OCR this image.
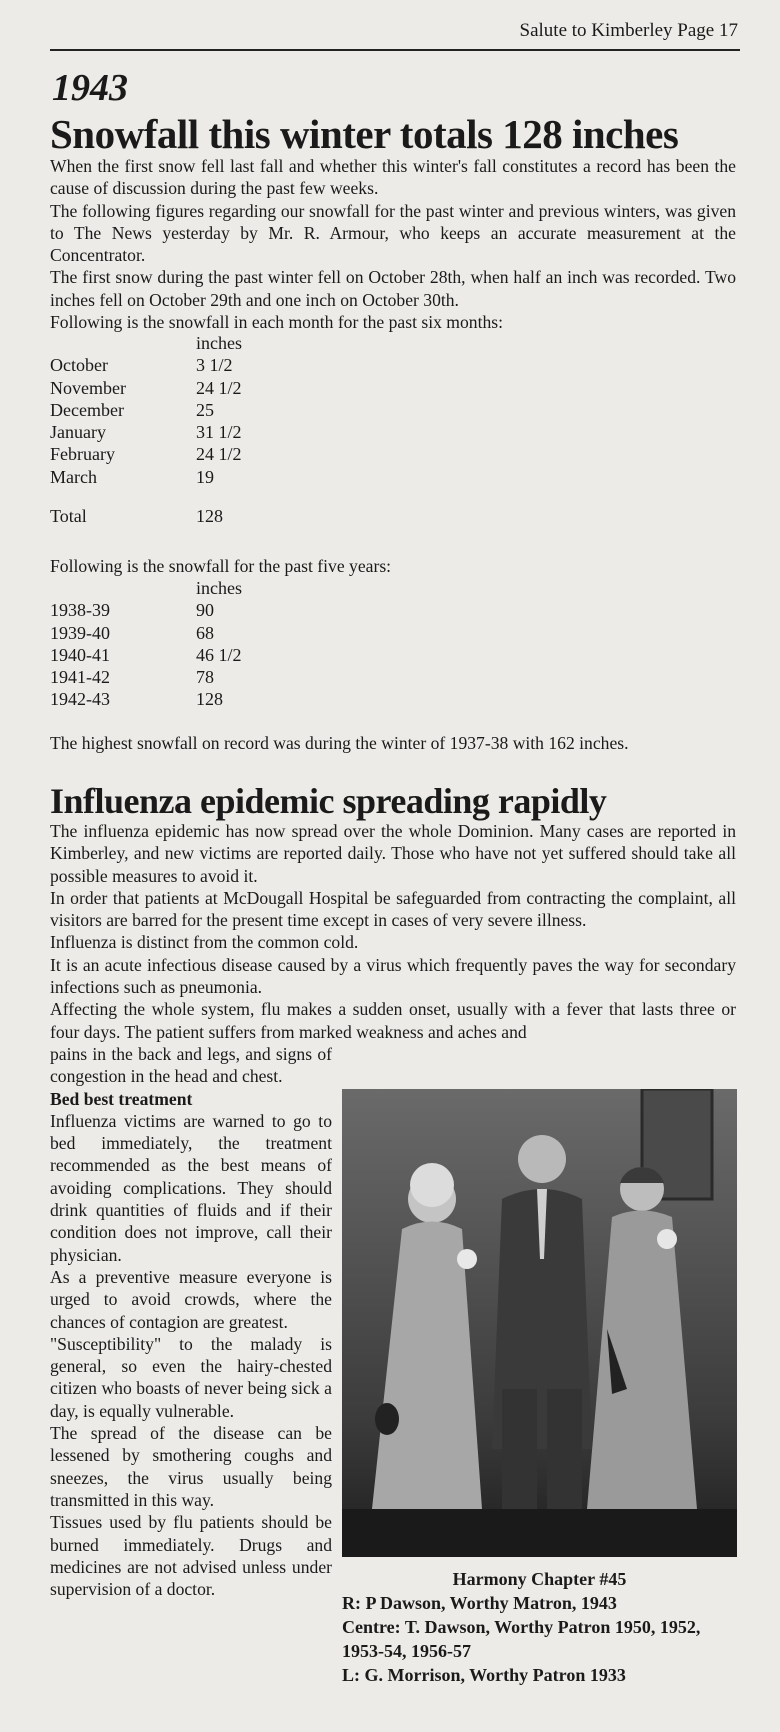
Salute to Kimberley Page 17
1943
Snowfall this winter totals 128 inches

When the first snow fell last fall and whether this winter's fall constitutes a record has been the cause of discussion during the past few weeks.

The following figures regarding our snowfall for the past winter and previous winters, was given to The News yesterday by Mr. R. Armour, who keeps an accurate measurement at the Concentrator.

The first snow during the past winter fell on October 28th, when half an inch was recorded. Two inches fell on October 29th and one inch on October 30th.

Following is the snowfall in each month for the past six months:

inches
October	3 1/2
November	24 1/2
December	25
January	31 1/2
February	24 1/2
March	19
Total	128
Following is the snowfall for the past five years:
inches
1938-39	90
1939-40	68
1940-41	46 1/2
1941-42	78
1942-43	128
The highest snowfall on record was during the winter of 1937-38 with 162 inches.
Influenza epidemic spreading rapidly

The influenza epidemic has now spread over the whole Dominion. Many cases are reported in Kimberley, and new victims are reported daily. Those who have not yet suffered should take all possible measures to avoid it.

In order that patients at McDougall Hospital be safeguarded from contracting the complaint, all visitors are barred for the present time except in cases of very severe illness.

Influenza is distinct from the common cold.

It is an acute infectious disease caused by a virus which frequently paves the way for secondary infections such as pneumonia.

Affecting the whole system, flu makes a sudden onset, usually with a fever that lasts three or four days. The patient suffers from marked weakness and aches and

pains in the back and legs, and signs of congestion in the head and chest.

Bed best treatment

Influenza victims are warned to go to bed immediately, the treatment recommended as the best means of avoiding complications. They should drink quantities of fluids and if their condition does not improve, call their physician.

As a preventive measure everyone is urged to avoid crowds, where the chances of contagion are greatest.

"Susceptibility" to the malady is general, so even the hairy-chested citizen who boasts of never being sick a day, is equally vulnerable.

The spread of the disease can be lessened by smothering coughs and sneezes, the virus usually being transmitted in this way.

Tissues used by flu patients should be burned immediately. Drugs and medicines are not advised unless under supervision of a doctor.

Harmony Chapter #45
R: P Dawson, Worthy Matron, 1943
Centre: T. Dawson, Worthy Patron 1950, 1952, 1953-54, 1956-57
L: G. Morrison, Worthy Patron 1933
